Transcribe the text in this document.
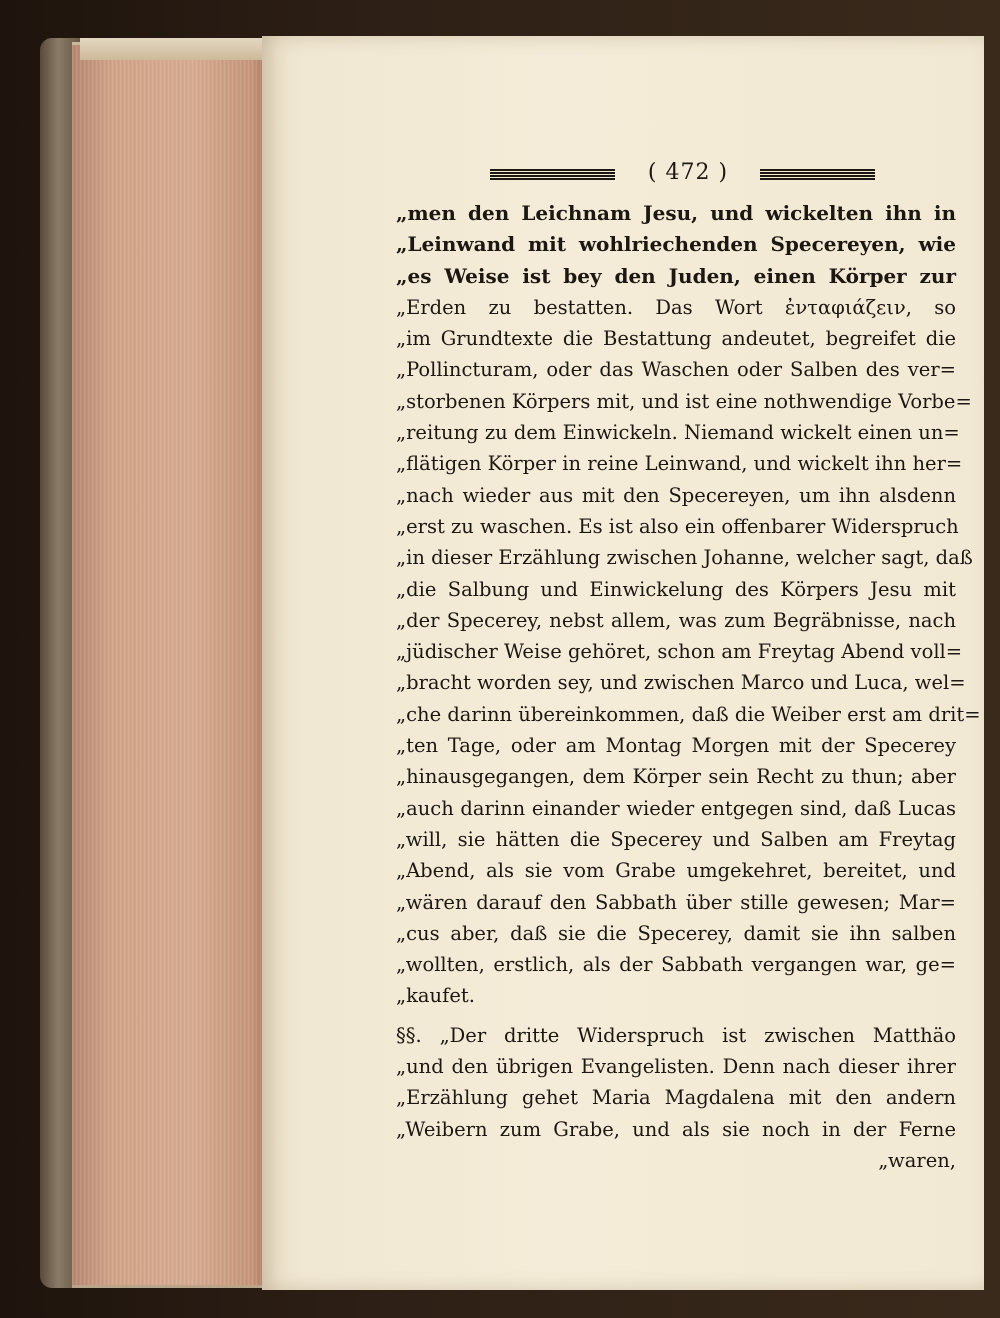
( 472 )
„men den Leichnam Jesu, und wickelten ihn in
„Leinwand mit wohlriechenden Specereyen, wie
„es Weise ist bey den Juden, einen Körper zur
„Erden zu bestatten. Das Wort ἐνταφιάζειν, so
„im Grundtexte die Bestattung andeutet, begreifet die
„Pollincturam, oder das Waschen oder Salben des ver=
„storbenen Körpers mit, und ist eine nothwendige Vorbe=
„reitung zu dem Einwickeln. Niemand wickelt einen un=
„flätigen Körper in reine Leinwand, und wickelt ihn her=
„nach wieder aus mit den Specereyen, um ihn alsdenn
„erst zu waschen. Es ist also ein offenbarer Widerspruch
„in dieser Erzählung zwischen Johanne, welcher sagt, daß
„die Salbung und Einwickelung des Körpers Jesu mit
„der Specerey, nebst allem, was zum Begräbnisse, nach
„jüdischer Weise gehöret, schon am Freytag Abend voll=
„bracht worden sey, und zwischen Marco und Luca, wel=
„che darinn übereinkommen, daß die Weiber erst am drit=
„ten Tage, oder am Montag Morgen mit der Specerey
„hinausgegangen, dem Körper sein Recht zu thun; aber
„auch darinn einander wieder entgegen sind, daß Lucas
„will, sie hätten die Specerey und Salben am Freytag
„Abend, als sie vom Grabe umgekehret, bereitet, und
„wären darauf den Sabbath über stille gewesen; Mar=
„cus aber, daß sie die Specerey, damit sie ihn salben
„wollten, erstlich, als der Sabbath vergangen war, ge=
„kaufet.
§§. „Der dritte Widerspruch ist zwischen Matthäo
„und den übrigen Evangelisten. Denn nach dieser ihrer
„Erzählung gehet Maria Magdalena mit den andern
„Weibern zum Grabe, und als sie noch in der Ferne
„waren,
